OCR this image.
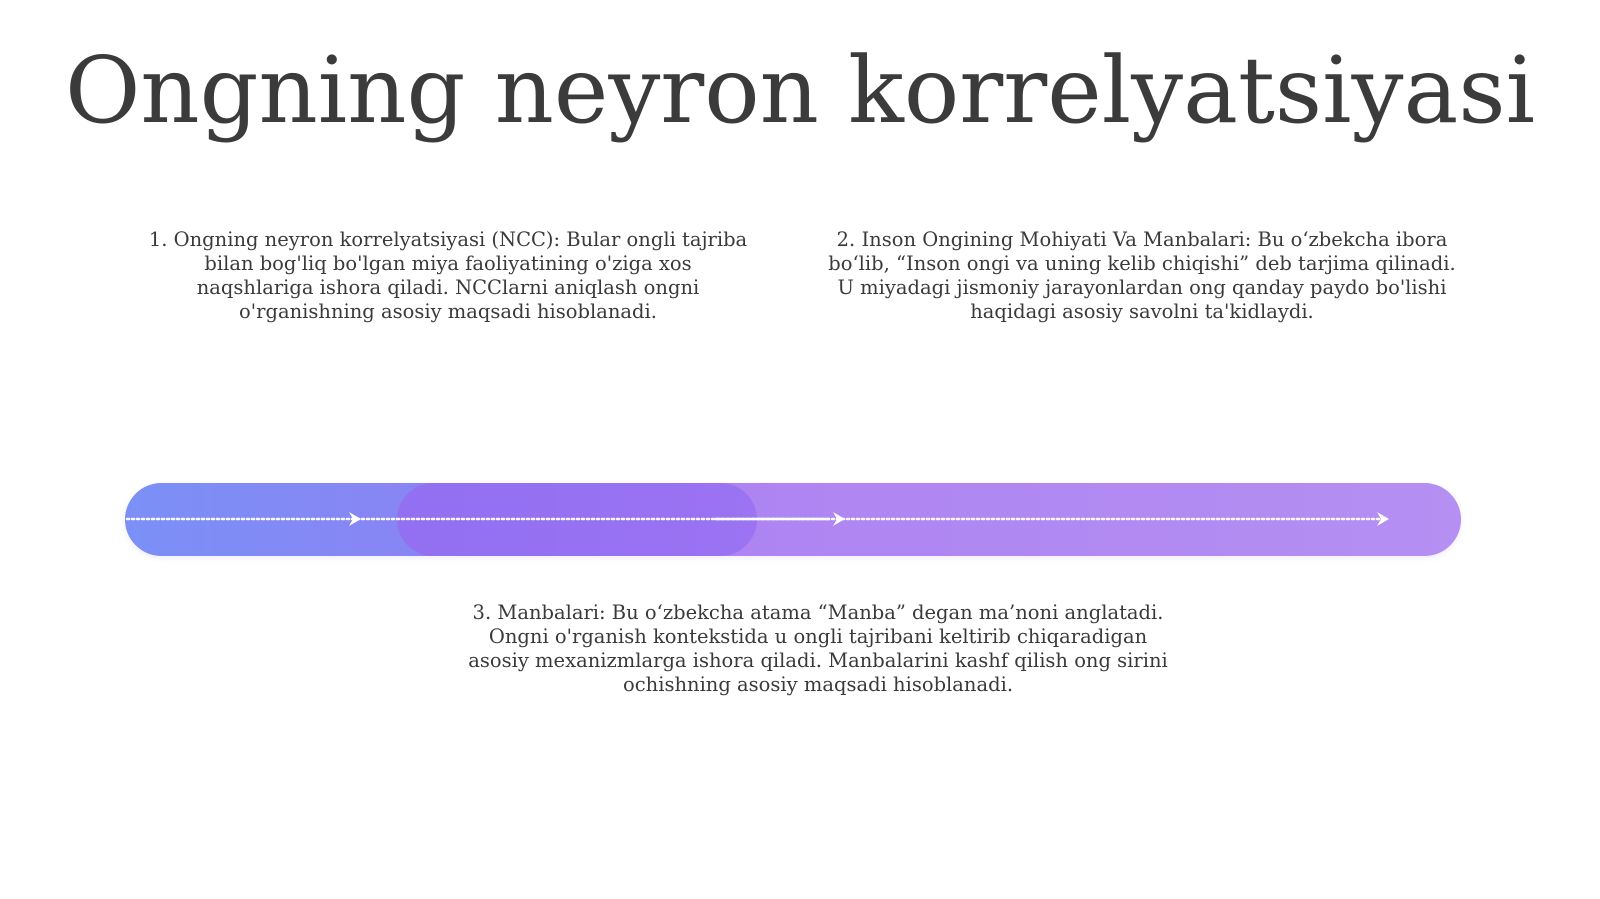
Ongning neyron korrelyatsiyasi
1. Ongning neyron korrelyatsiyasi (NCC): Bular ongli tajriba bilan bog'liq bo'lgan miya faoliyatining o'ziga xos naqshlariga ishora qiladi. NCClarni aniqlash ongni o'rganishning asosiy maqsadi hisoblanadi.
2. Inson Ongining Mohiyati Va Manbalari: Bu o‘zbekcha ibora bo‘lib, “Inson ongi va uning kelib chiqishi” deb tarjima qilinadi. U miyadagi jismoniy jarayonlardan ong qanday paydo bo'lishi haqidagi asosiy savolni ta'kidlaydi.
3. Manbalari: Bu o‘zbekcha atama “Manba” degan ma’noni anglatadi. Ongni o'rganish kontekstida u ongli tajribani keltirib chiqaradigan asosiy mexanizmlarga ishora qiladi. Manbalarini kashf qilish ong sirini ochishning asosiy maqsadi hisoblanadi.
